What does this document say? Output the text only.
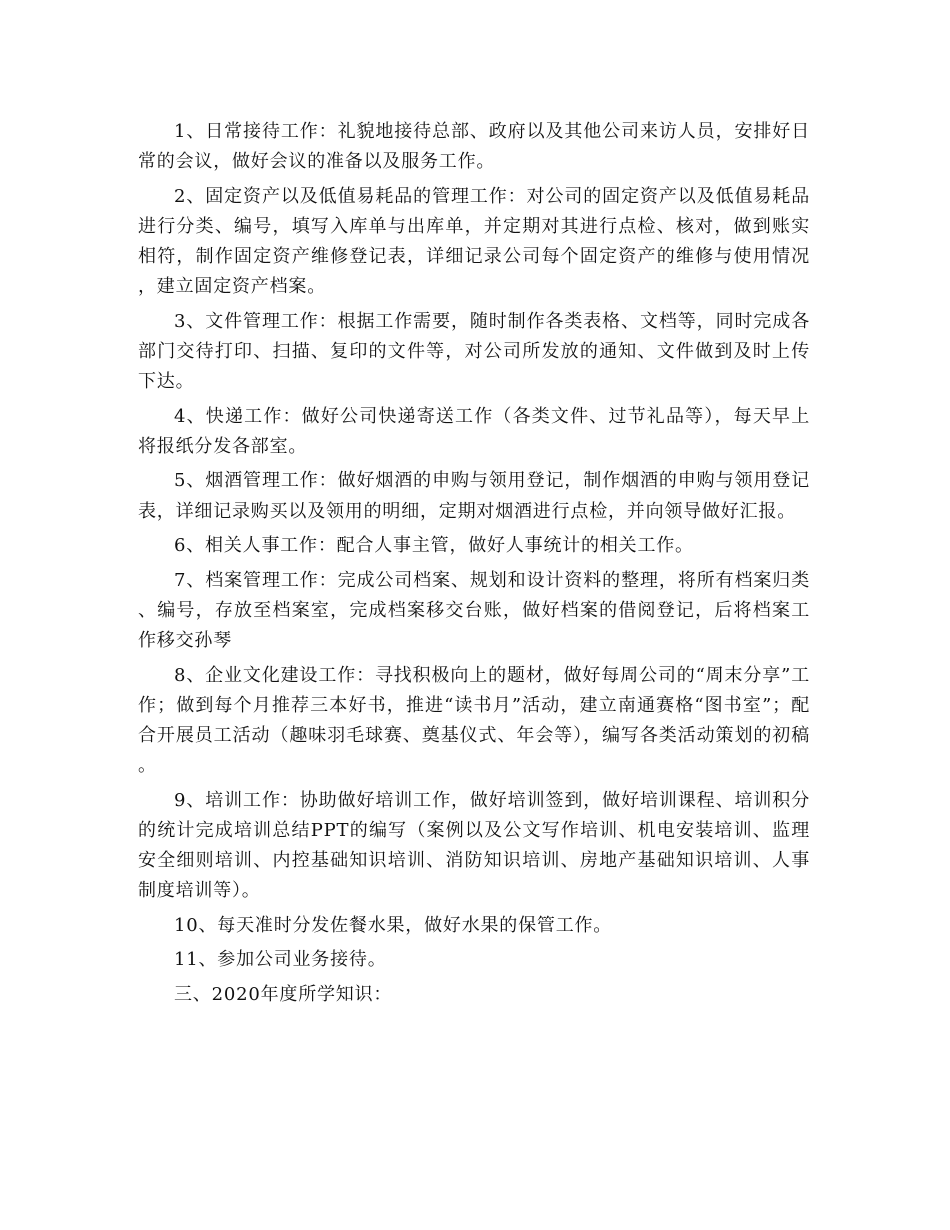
1、日常接待工作：礼貌地接待总部、政府以及其他公司来访人员，安排好日常的会议，做好会议的准备以及服务工作。

2、固定资产以及低值易耗品的管理工作：对公司的固定资产以及低值易耗品进行分类、编号，填写入库单与出库单，并定期对其进行点检、核对，做到账实相符，制作固定资产维修登记表，详细记录公司每个固定资产的维修与使用情况，建立固定资产档案。

3、文件管理工作：根据工作需要，随时制作各类表格、文档等，同时完成各部门交待打印、扫描、复印的文件等，对公司所发放的通知、文件做到及时上传下达。

4、快递工作：做好公司快递寄送工作（各类文件、过节礼品等），每天早上将报纸分发各部室。

5、烟酒管理工作：做好烟酒的申购与领用登记，制作烟酒的申购与领用登记表，详细记录购买以及领用的明细，定期对烟酒进行点检，并向领导做好汇报。

6、相关人事工作：配合人事主管，做好人事统计的相关工作。

7、档案管理工作：完成公司档案、规划和设计资料的整理，将所有档案归类、编号，存放至档案室，完成档案移交台账，做好档案的借阅登记，后将档案工作移交孙琴

8、企业文化建设工作：寻找积极向上的题材，做好每周公司的“周末分享”工作；做到每个月推荐三本好书，推进“读书月”活动，建立南通赛格“图书室”；配合开展员工活动（趣味羽毛球赛、奠基仪式、年会等），编写各类活动策划的初稿。

9、培训工作：协助做好培训工作，做好培训签到，做好培训课程、培训积分的统计完成培训总结PPT的编写（案例以及公文写作培训、机电安装培训、监理安全细则培训、内控基础知识培训、消防知识培训、房地产基础知识培训、人事制度培训等）。

10、每天准时分发佐餐水果，做好水果的保管工作。

11、参加公司业务接待。

三、2020年度所学知识：
